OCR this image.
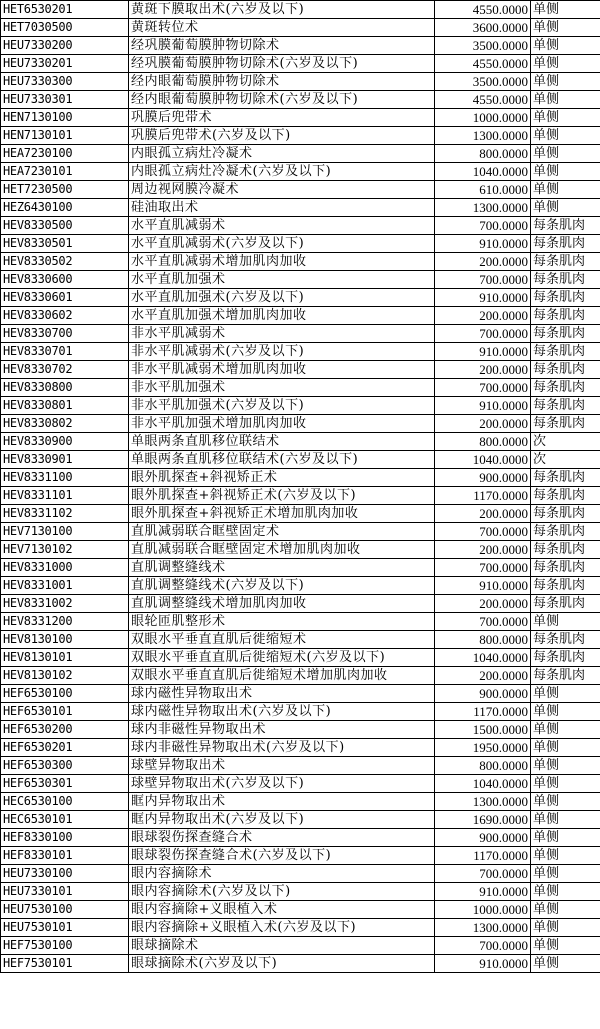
HET6530201	黄斑下膜取出术(六岁及以下)	4550.0000	单侧
HET7030500	黄斑转位术	3600.0000	单侧
HEU7330200	经巩膜葡萄膜肿物切除术	3500.0000	单侧
HEU7330201	经巩膜葡萄膜肿物切除术(六岁及以下)	4550.0000	单侧
HEU7330300	经内眼葡萄膜肿物切除术	3500.0000	单侧
HEU7330301	经内眼葡萄膜肿物切除术(六岁及以下)	4550.0000	单侧
HEN7130100	巩膜后兜带术	1000.0000	单侧
HEN7130101	巩膜后兜带术(六岁及以下)	1300.0000	单侧
HEA7230100	内眼孤立病灶冷凝术	800.0000	单侧
HEA7230101	内眼孤立病灶冷凝术(六岁及以下)	1040.0000	单侧
HET7230500	周边视网膜冷凝术	610.0000	单侧
HEZ6430100	硅油取出术	1300.0000	单侧
HEV8330500	水平直肌减弱术	700.0000	每条肌肉
HEV8330501	水平直肌减弱术(六岁及以下)	910.0000	每条肌肉
HEV8330502	水平直肌减弱术增加肌肉加收	200.0000	每条肌肉
HEV8330600	水平直肌加强术	700.0000	每条肌肉
HEV8330601	水平直肌加强术(六岁及以下)	910.0000	每条肌肉
HEV8330602	水平直肌加强术增加肌肉加收	200.0000	每条肌肉
HEV8330700	非水平肌减弱术	700.0000	每条肌肉
HEV8330701	非水平肌减弱术(六岁及以下)	910.0000	每条肌肉
HEV8330702	非水平肌减弱术增加肌肉加收	200.0000	每条肌肉
HEV8330800	非水平肌加强术	700.0000	每条肌肉
HEV8330801	非水平肌加强术(六岁及以下)	910.0000	每条肌肉
HEV8330802	非水平肌加强术增加肌肉加收	200.0000	每条肌肉
HEV8330900	单眼两条直肌移位联结术	800.0000	次
HEV8330901	单眼两条直肌移位联结术(六岁及以下)	1040.0000	次
HEV8331100	眼外肌探查+斜视矫正术	900.0000	每条肌肉
HEV8331101	眼外肌探查+斜视矫正术(六岁及以下)	1170.0000	每条肌肉
HEV8331102	眼外肌探查+斜视矫正术增加肌肉加收	200.0000	每条肌肉
HEV7130100	直肌减弱联合眶壁固定术	700.0000	每条肌肉
HEV7130102	直肌减弱联合眶壁固定术增加肌肉加收	200.0000	每条肌肉
HEV8331000	直肌调整缝线术	700.0000	每条肌肉
HEV8331001	直肌调整缝线术(六岁及以下)	910.0000	每条肌肉
HEV8331002	直肌调整缝线术增加肌肉加收	200.0000	每条肌肉
HEV8331200	眼轮匝肌整形术	700.0000	单侧
HEV8130100	双眼水平垂直直肌后徙缩短术	800.0000	每条肌肉
HEV8130101	双眼水平垂直直肌后徙缩短术(六岁及以下)	1040.0000	每条肌肉
HEV8130102	双眼水平垂直直肌后徙缩短术增加肌肉加收	200.0000	每条肌肉
HEF6530100	球内磁性异物取出术	900.0000	单侧
HEF6530101	球内磁性异物取出术(六岁及以下)	1170.0000	单侧
HEF6530200	球内非磁性异物取出术	1500.0000	单侧
HEF6530201	球内非磁性异物取出术(六岁及以下)	1950.0000	单侧
HEF6530300	球壁异物取出术	800.0000	单侧
HEF6530301	球壁异物取出术(六岁及以下)	1040.0000	单侧
HEC6530100	眶内异物取出术	1300.0000	单侧
HEC6530101	眶内异物取出术(六岁及以下)	1690.0000	单侧
HEF8330100	眼球裂伤探查缝合术	900.0000	单侧
HEF8330101	眼球裂伤探查缝合术(六岁及以下)	1170.0000	单侧
HEU7330100	眼内容摘除术	700.0000	单侧
HEU7330101	眼内容摘除术(六岁及以下)	910.0000	单侧
HEU7530100	眼内容摘除+义眼植入术	1000.0000	单侧
HEU7530101	眼内容摘除+义眼植入术(六岁及以下)	1300.0000	单侧
HEF7530100	眼球摘除术	700.0000	单侧
HEF7530101	眼球摘除术(六岁及以下)	910.0000	单侧
